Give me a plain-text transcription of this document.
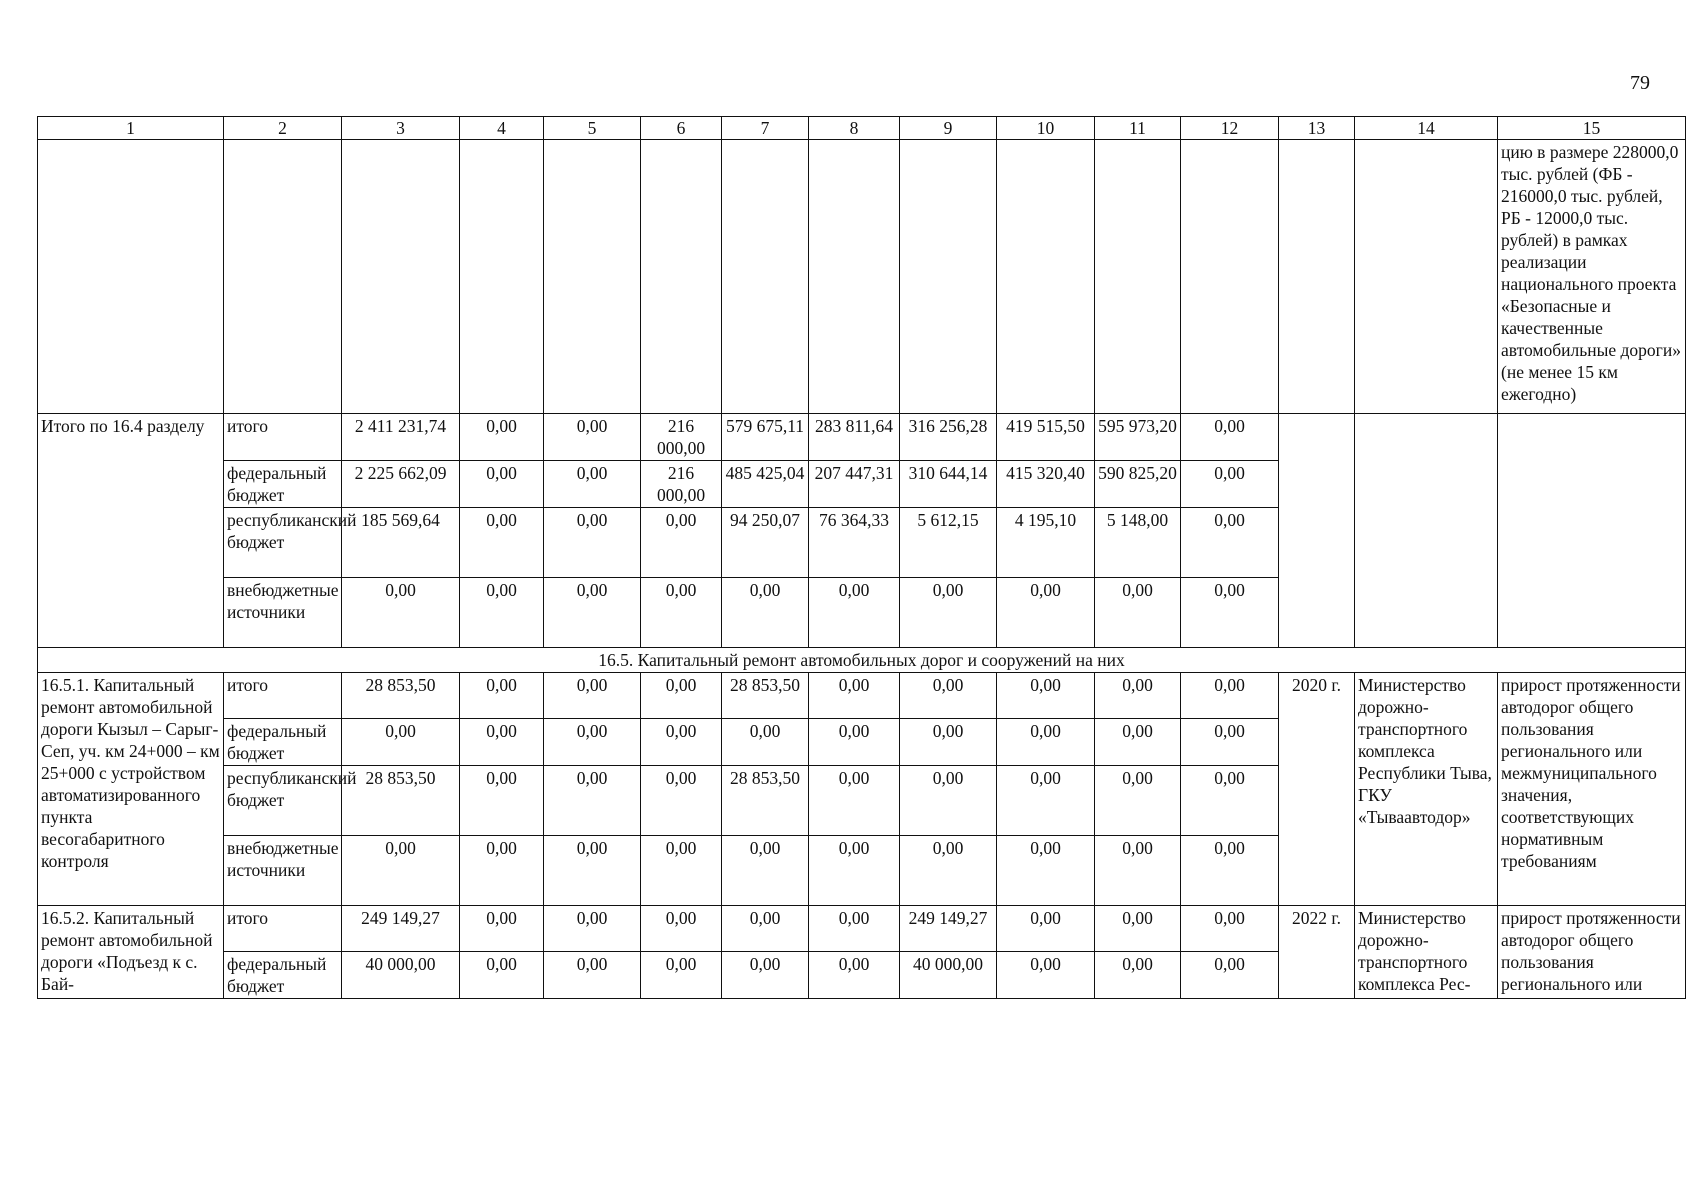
79
1	2	3	4	5	6	7	8	9	10	11	12	13	14	15
														цию в размере 228000,0 тыс. рублей (ФБ - 216000,0 тыс. рублей, РБ - 12000,0 тыс. рублей) в рамках реализации национального проекта «Безопасные и качественные автомобильные дороги» (не менее 15 км ежегодно)
Итого по 16.4 разделу	итого	2 411 231,74	0,00	0,00	216 000,00	579 675,11	283 811,64	316 256,28	419 515,50	595 973,20	0,00			
	федеральный бюджет	2 225 662,09	0,00	0,00	216 000,00	485 425,04	207 447,31	310 644,14	415 320,40	590 825,20	0,00			
	республиканский бюджет	185 569,64	0,00	0,00	0,00	94 250,07	76 364,33	5 612,15	4 195,10	5 148,00	0,00			
	внебюджетные источники	0,00	0,00	0,00	0,00	0,00	0,00	0,00	0,00	0,00	0,00			
16.5. Капитальный ремонт автомобильных дорог и сооружений на них														
16.5.1. Капитальный ремонт автомобильной дороги Кызыл – Сарыг-Сеп, уч. км 24+000 – км 25+000 с устройством автоматизированного пункта весогабаритного контроля	итого	28 853,50	0,00	0,00	0,00	28 853,50	0,00	0,00	0,00	0,00	0,00	2020 г.	Министерство дорожно-транспортного комплекса Республики Тыва, ГКУ «Тываавтодор»	прирост протяженности автодорог общего пользования регионального или межмуниципального значения, соответствующих нормативным требованиям
	федеральный бюджет	0,00	0,00	0,00	0,00	0,00	0,00	0,00	0,00	0,00	0,00			
	республиканский бюджет	28 853,50	0,00	0,00	0,00	28 853,50	0,00	0,00	0,00	0,00	0,00			
	внебюджетные источники	0,00	0,00	0,00	0,00	0,00	0,00	0,00	0,00	0,00	0,00			
16.5.2. Капитальный ремонт автомобильной дороги «Подъезд к с. Бай-	итого	249 149,27	0,00	0,00	0,00	0,00	0,00	249 149,27	0,00	0,00	0,00	2022 г.	Министерство дорожно-транспортного комплекса Рес-	прирост протяженности автодорог общего пользования регионального или
	федеральный бюджет	40 000,00	0,00	0,00	0,00	0,00	0,00	40 000,00	0,00	0,00	0,00			
